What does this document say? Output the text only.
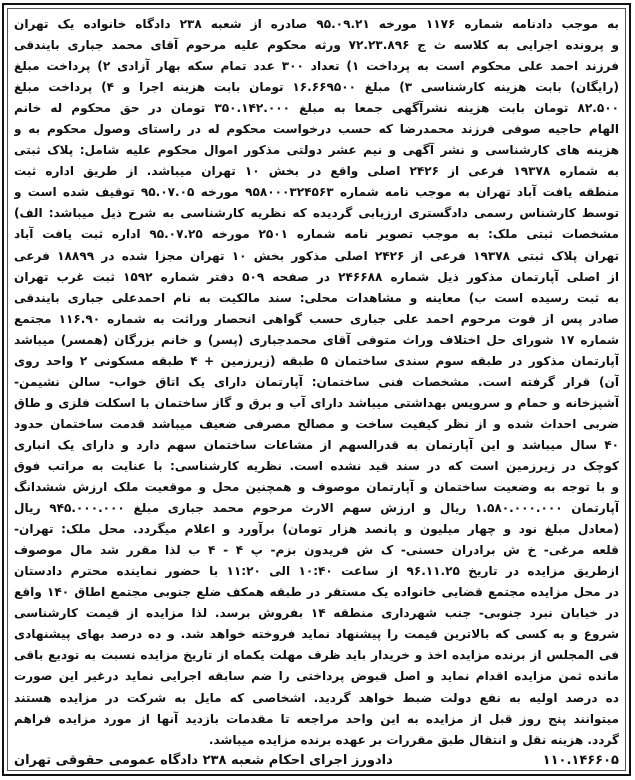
به موجب دادنامه شماره ۱۱۷۶ مورخه ۹۵.۰۹.۲۱ صادره از شعبه ۲۳۸ دادگاه خانواده یک تهران
و پرونده اجرایی به کلاسه ث ج ۷۲.۲۳.۸۹۶ ورثه محکوم علیه مرحوم آقای محمد جباری بایندقی
فرزند احمد علی محکوم است به پرداخت ۱) تعداد ۳۰۰ عدد تمام سکه بهار آزادی ۲) پرداخت مبلغ
(رایگان) بابت هزینه کارشناسی ۳) مبلغ ۱۶.۶۶۹۵۰۰ تومان بابت هزینه اجرا و ۴) پرداخت مبلغ
۸۲.۵۰۰ تومان بابت هزینه نشرآگهی جمعا به مبلغ ۳۵۰.۱۴۲.۰۰۰ تومان در حق محکوم له خانم
الهام حاجیه صوفی فرزند محمدرضا که حسب درخواست محکوم له در راستای وصول محکوم به و
هزینه های کارشناسی و نشر آگهی و نیم عشر دولتی مذکور اموال محکوم علیه شامل: پلاک ثبتی
به شماره ۱۹۳۷۸ فرعی از ۲۴۲۶ اصلی واقع در بخش ۱۰ تهران میباشد. از طریق اداره ثبت
منطقه یافت آباد تهران به موجب نامه شماره ۹۵۸۰۰۰۳۲۴۵۶۳ مورخه ۹۵.۰۷.۰۵ توقیف شده است و
توسط کارشناس رسمی دادگستری ارزیابی گردیده که نظریه کارشناسی به شرح ذیل میباشد: الف)
مشخصات ثبتی ملک: به موجب تصویر نامه شماره ۲۵۰۱ مورخه ۹۵.۰۷.۲۵ اداره ثبت یافت آباد
تهران پلاک ثبتی ۱۹۳۷۸ فرعی از ۲۴۲۶ اصلی مذکور بخش ۱۰ تهران مجزا شده در ۱۸۸۹۹ فرعی
از اصلی آپارتمان مذکور ذیل شماره ۲۴۶۶۸۸ در صفحه ۵۰۹ دفتر شماره ۱۵۹۲ ثبت غرب تهران
به ثبت رسیده است ب) معاینه و مشاهدات محلی: سند مالکیت به نام احمدعلی جباری بایندقی
صادر پس از فوت مرحوم احمد علی جباری حسب گواهی انحصار وراثت به شماره ۱۱۶.۹۰ مجتمع
شماره ۱۷ شورای حل اختلاف وراث متوفی آقای محمدجباری (پسر) و خانم بزرگان (همسر) میباشد
آپارتمان مذکور در طبقه سوم سندی ساختمان ۵ طبقه (زیرزمین + ۴ طبقه مسکونی ۲ واحد روی
آن) قرار گرفته است. مشخصات فنی ساختمان: آپارتمان دارای یک اتاق خواب- سالن نشیمن-
آشپزخانه و حمام و سرویس بهداشتی میباشد دارای آب و برق و گاز ساختمان با اسکلت فلزی و طاق
ضربی احداث شده و از نظر کیفیت ساخت و مصالح مصرفی ضعیف میباشد قدمت ساختمان حدود
۴۰ سال میباشد و این آپارتمان به قدرالسهم از مشاعات ساختمان سهم دارد و دارای یک انباری
کوچک در زیرزمین است که در سند قید نشده است. نظریه کارشناسی: با عنایت به مراتب فوق
و با توجه به وضعیت ساختمان و آپارتمان موصوف و همچنین محل و موقعیت ملک ارزش ششدانگ
آپارتمان ۱.۵۸۰.۰۰۰.۰۰۰ ریال و ارزش سهم الارث مرحوم محمد جباری مبلغ ۹۴۵.۰۰۰.۰۰۰ ریال
(معادل مبلغ نود و چهار میلیون و پانصد هزار تومان) برآورد و اعلام میگردد. محل ملک: تهران-
قلعه مرغی- خ ش برادران حسنی- ک ش فریدون بزم- پ ۴ - ۴ ب لذا مقرر شد مال موصوف
ازطریق مزایده در تاریخ ۹۶.۱۱.۲۵ از ساعت ۱۰:۴۰ الی ۱۱:۲۰ با حضور نماینده محترم دادستان
در محل مزایده مجتمع قضایی خانواده یک مستقر در طبقه همکف ضلع جنوبی مجتمع اطاق ۱۴۰ واقع
در خیابان نبرد جنوبی- جنب شهرداری منطقه ۱۴ بفروش برسد. لذا مزایده از قیمت کارشناسی
شروع و به کسی که بالاترین قیمت را پیشنهاد نماید فروخته خواهد شد. و ده درصد بهای پیشنهادی
فی المجلس از برنده مزایده اخذ و خریدار باید ظرف مهلت یکماه از تاریخ مزایده نسبت به تودیع باقی
مانده ثمن مزایده اقدام نماید و اصل قبوض پرداختی را ضم سابقه اجرایی نماید درغیر این صورت
ده درصد اولیه به نفع دولت ضبط خواهد گردید. اشخاصی که مایل به شرکت در مزایده هستند
میتوانند پنج روز قبل از مزایده به این واحد مراجعه تا مقدمات بازدید آنها از مورد مزایده فراهم
گردد. هزینه نقل و انتقال طبق مقررات بر عهده برنده مزایده میباشد.
۱۱۰.۱۴۶۶۰۵
دادورز اجرای احکام شعبه ۲۳۸ دادگاه عمومی حقوقی تهران
